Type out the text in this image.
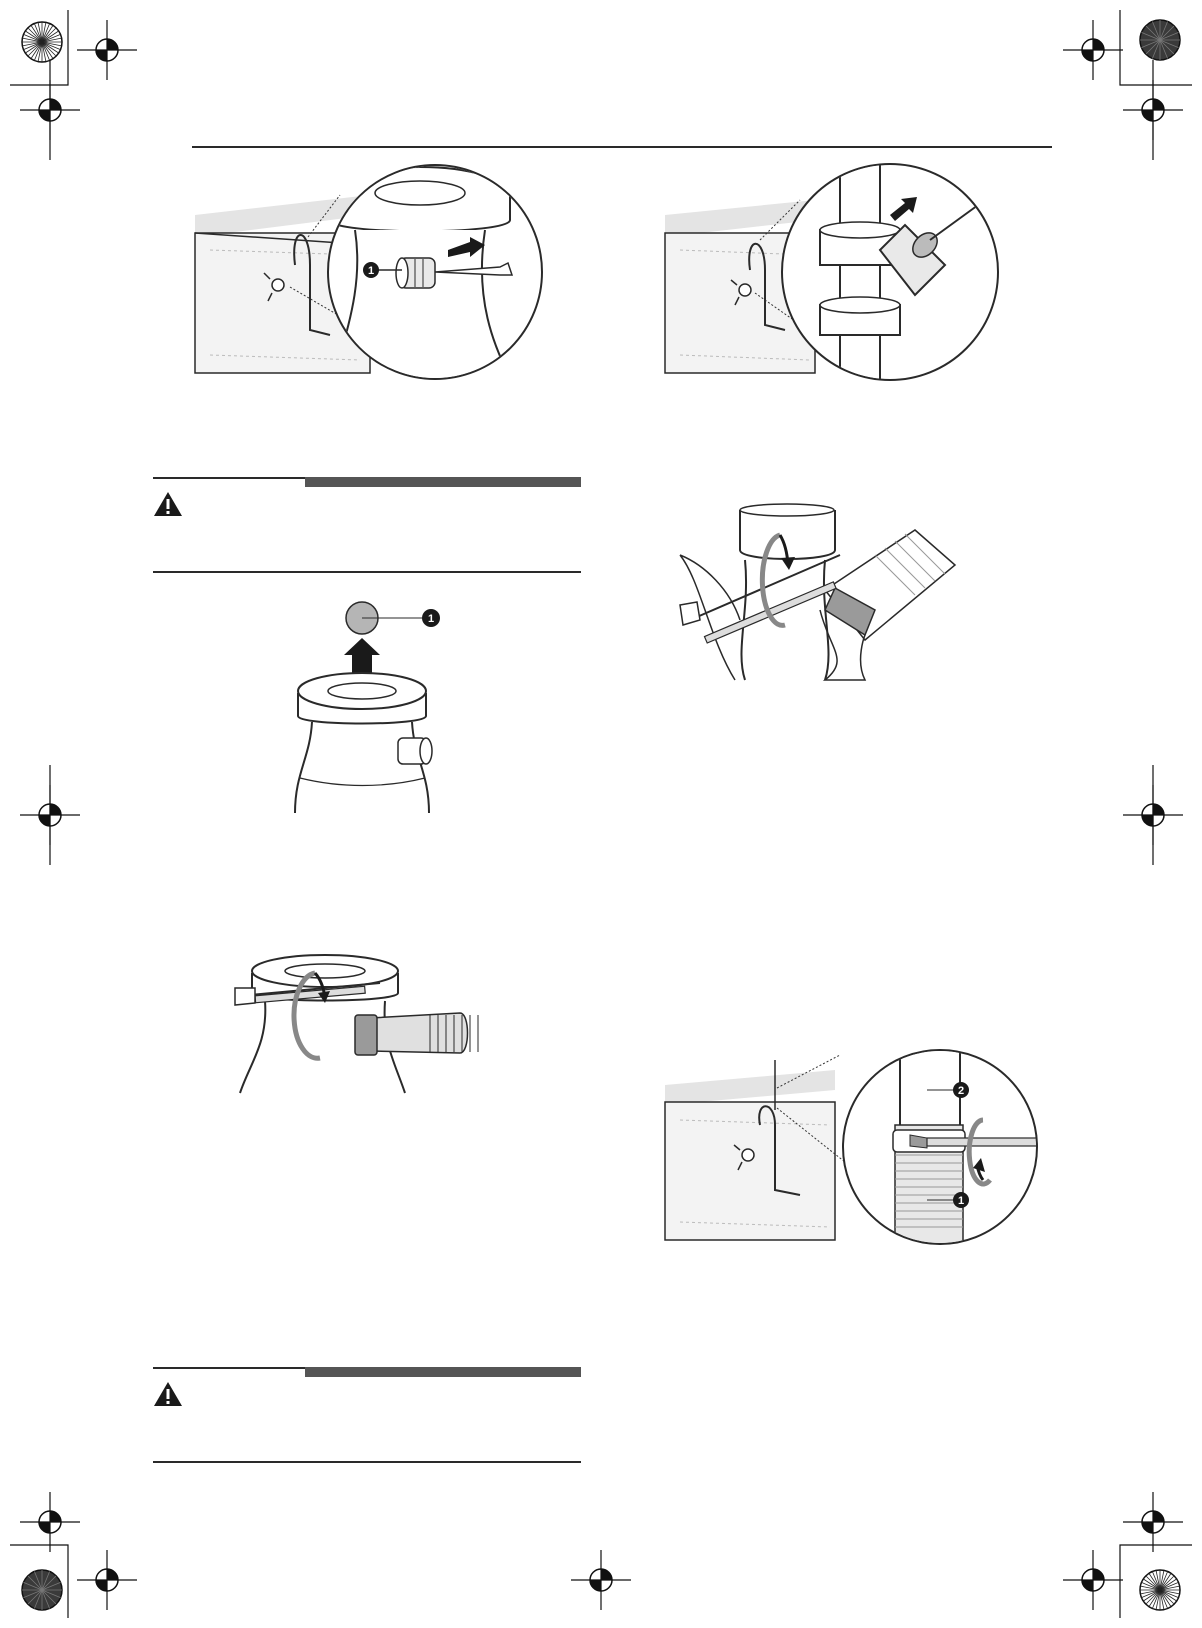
1
1
2
1
